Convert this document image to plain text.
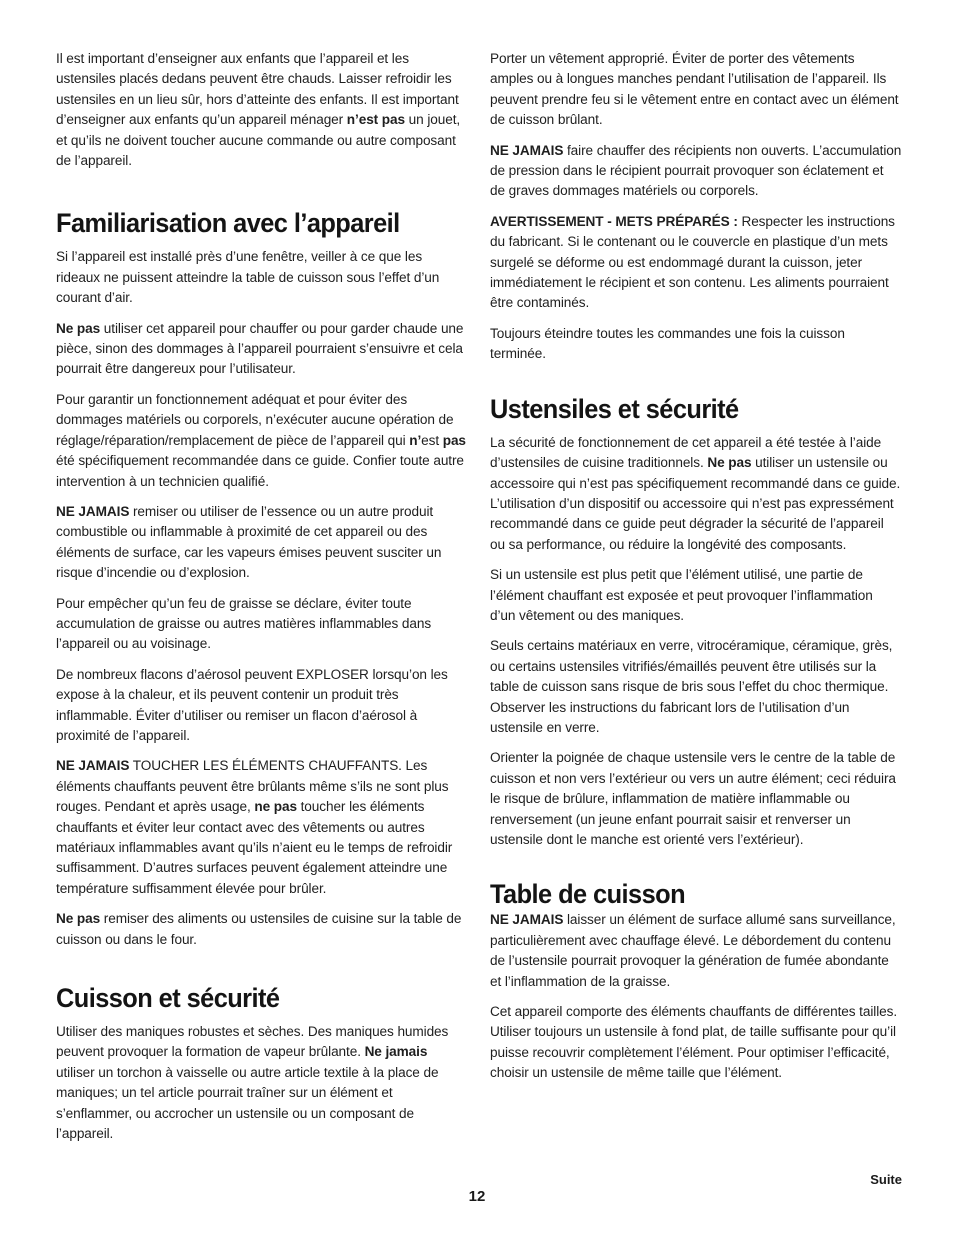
Il est important d’enseigner aux enfants que l’appareil et les ustensiles placés dedans peuvent être chauds. Laisser refroidir les ustensiles en un lieu sûr, hors d’atteinte des enfants. Il est important d’enseigner aux enfants qu’un appareil ménager n’est pas un jouet, et qu’ils ne doivent toucher aucune commande ou autre composant de l’appareil.

Familiarisation avec l’appareil

Si l’appareil est installé près d’une fenêtre, veiller à ce que les rideaux ne puissent atteindre la table de cuisson sous l’effet d’un courant d’air.

Ne pas utiliser cet appareil pour chauffer ou pour garder chaude une pièce, sinon des dommages à l’appareil pourraient s’ensuivre et cela pourrait être dangereux pour l’utilisateur.

Pour garantir un fonctionnement adéquat et pour éviter des dommages matériels ou corporels, n’exécuter aucune opération de réglage/réparation/remplacement de pièce de l’appareil qui n’est pas été spécifiquement recommandée dans ce guide. Confier toute autre intervention à un technicien qualifié.

NE JAMAIS remiser ou utiliser de l’essence ou un autre produit combustible ou inflammable à proximité de cet appareil ou des éléments de surface, car les vapeurs émises peuvent susciter un risque d’incendie ou d’explosion.

Pour empêcher qu’un feu de graisse se déclare, éviter toute accumulation de graisse ou autres matières inflammables dans l’appareil ou au voisinage.

De nombreux flacons d’aérosol peuvent EXPLOSER lorsqu’on les expose à la chaleur, et ils peuvent contenir un produit très inflammable. Éviter d’utiliser ou remiser un flacon d’aérosol à proximité de l’appareil.

NE JAMAIS TOUCHER LES ÉLÉMENTS CHAUFFANTS. Les éléments chauffants peuvent être brûlants même s’ils ne sont plus rouges. Pendant et après usage, ne pas toucher les éléments chauffants et éviter leur contact avec des vêtements ou autres matériaux inflammables avant qu’ils n’aient eu le temps de refroidir suffisamment. D’autres surfaces peuvent également atteindre une température suffisamment élevée pour brûler.

Ne pas remiser des aliments ou ustensiles de cuisine sur la table de cuisson ou dans le four.

Cuisson et sécurité

Utiliser des maniques robustes et sèches. Des maniques humides peuvent provoquer la formation de vapeur brûlante. Ne jamais utiliser un torchon à vaisselle ou autre article textile à la place de maniques; un tel article pourrait traîner sur un élément et s’enflammer, ou accrocher un ustensile ou un composant de l’appareil.

Porter un vêtement approprié. Éviter de porter des vêtements amples ou à longues manches pendant l’utilisation de l’appareil. Ils peuvent prendre feu si le vêtement entre en contact avec un élément de cuisson brûlant.

NE JAMAIS faire chauffer des récipients non ouverts. L’accumulation de pression dans le récipient pourrait provoquer son éclatement et de graves dommages matériels ou corporels.

AVERTISSEMENT - METS PRÉPARÉS : Respecter les instructions du fabricant. Si le contenant ou le couvercle en plastique d’un mets surgelé se déforme ou est endommagé durant la cuisson, jeter immédiatement le récipient et son contenu. Les aliments pourraient être contaminés.

Toujours éteindre toutes les commandes une fois la cuisson terminée.

Ustensiles et sécurité

La sécurité de fonctionnement de cet appareil a été testée à l’aide d’ustensiles de cuisine traditionnels. Ne pas utiliser un ustensile ou accessoire qui n’est pas spécifiquement recommandé dans ce guide. L’utilisation d’un dispositif ou accessoire qui n’est pas expressément recommandé dans ce guide peut dégrader la sécurité de l’appareil ou sa performance, ou réduire la longévité des composants.

Si un ustensile est plus petit que l’élément utilisé, une partie de l’élément chauffant est exposée et peut provoquer l’inflammation d’un vêtement ou des maniques.

Seuls certains matériaux en verre, vitrocéramique, céramique, grès, ou certains ustensiles vitrifiés/émaillés peuvent être utilisés sur la table de cuisson sans risque de bris sous l’effet du choc thermique. Observer les instructions du fabricant lors de l’utilisation d’un ustensile en verre.

Orienter la poignée de chaque ustensile vers le centre de la table de cuisson et non vers l’extérieur ou vers un autre élément; ceci réduira le risque de brûlure, inflammation de matière inflammable ou renversement (un jeune enfant pourrait saisir et renverser un ustensile dont le manche est orienté vers l’extérieur).

Table de cuisson

NE JAMAIS laisser un élément de surface allumé sans surveillance, particulièrement avec chauffage élevé. Le débordement du contenu de l’ustensile pourrait provoquer la génération de fumée abondante et l’inflammation de la graisse.

Cet appareil comporte des éléments chauffants de différentes tailles. Utiliser toujours un ustensile à fond plat, de taille suffisante pour qu’il puisse recouvrir complètement l’élément. Pour optimiser l’efficacité, choisir un ustensile de même taille que l’élément.

Suite
12
